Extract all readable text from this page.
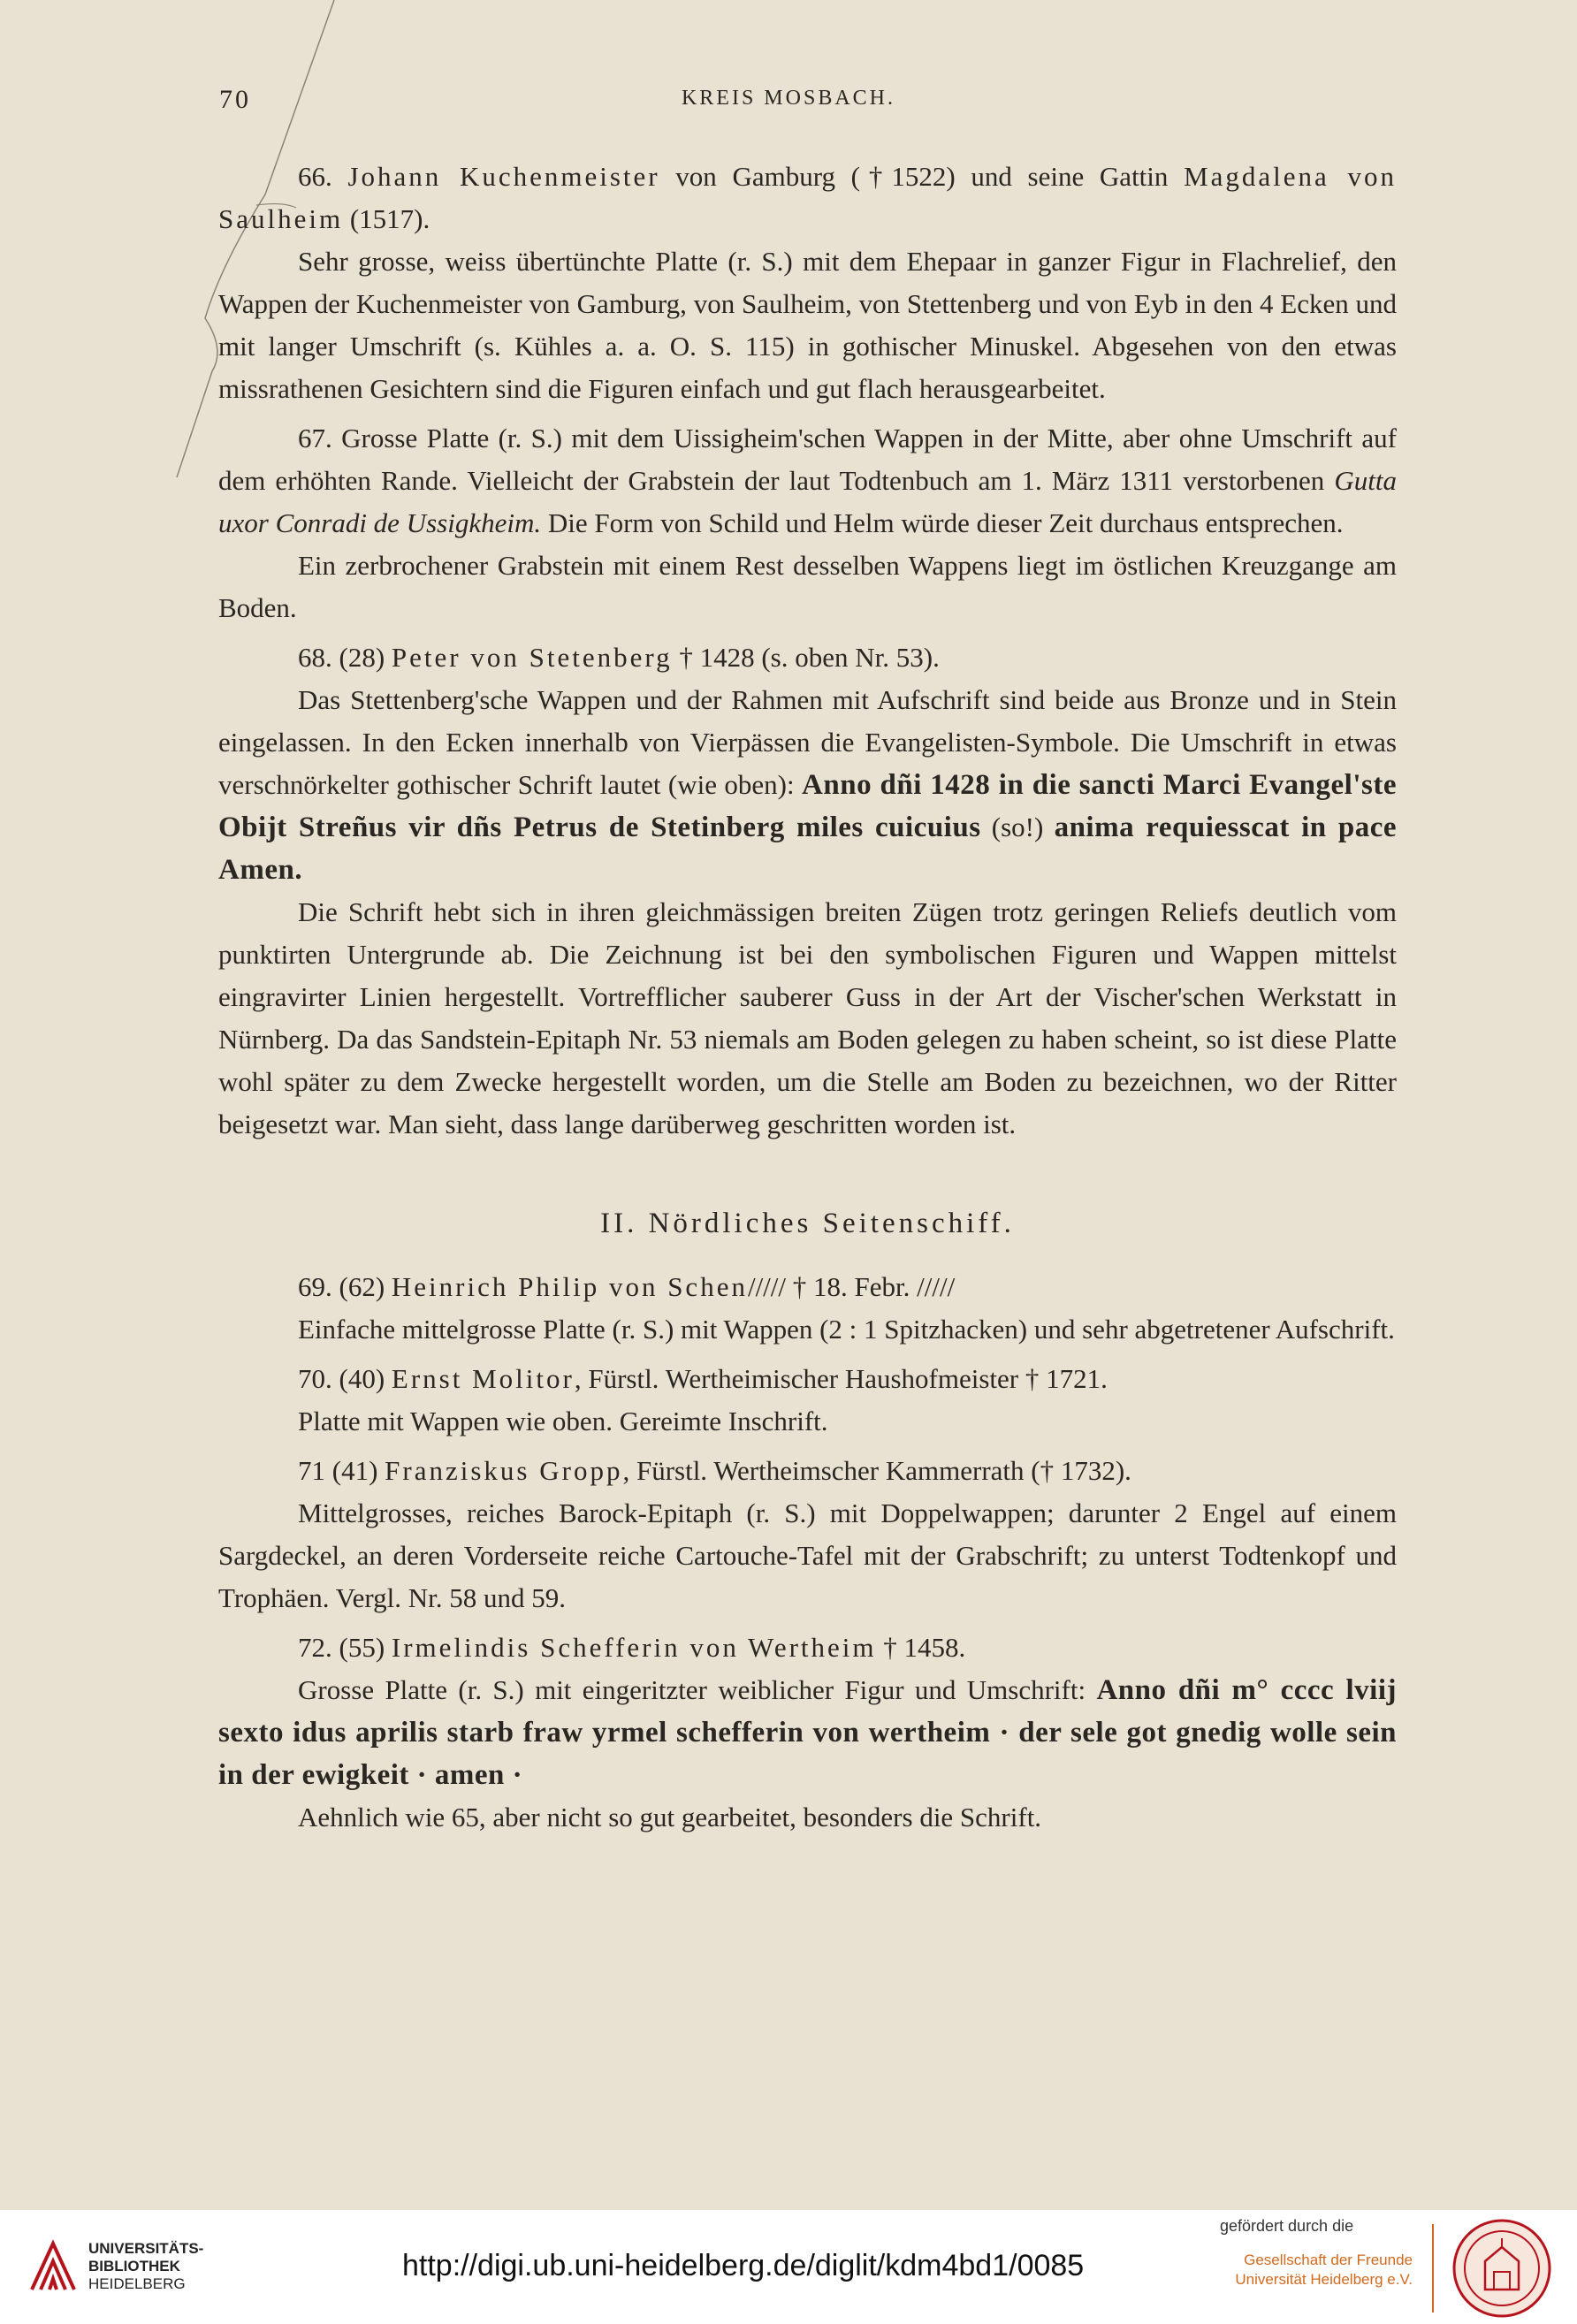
70	KREIS MOSBACH.

66. Johann Kuchenmeister von Gamburg (†1522) und seine Gattin Magdalena von Saulheim (1517).

Sehr grosse, weiss übertünchte Platte (r. S.) mit dem Ehepaar in ganzer Figur in Flachrelief, den Wappen der Kuchenmeister von Gamburg, von Saulheim, von Stettenberg und von Eyb in den 4 Ecken und mit langer Umschrift (s. Kühles a. a. O. S. 115) in gothischer Minuskel. Abgesehen von den etwas missrathenen Gesichtern sind die Figuren einfach und gut flach herausgearbeitet.

67. Grosse Platte (r. S.) mit dem Uissigheim'schen Wappen in der Mitte, aber ohne Umschrift auf dem erhöhten Rande. Vielleicht der Grabstein der laut Todtenbuch am 1. März 1311 verstorbenen Gutta uxor Conradi de Ussigkheim. Die Form von Schild und Helm würde dieser Zeit durchaus entsprechen.

Ein zerbrochener Grabstein mit einem Rest desselben Wappens liegt im östlichen Kreuzgange am Boden.

68. (28) Peter von Stetenberg † 1428 (s. oben Nr. 53).

Das Stettenberg'sche Wappen und der Rahmen mit Aufschrift sind beide aus Bronze und in Stein eingelassen. In den Ecken innerhalb von Vierpässen die Evangelisten-Symbole. Die Umschrift in etwas verschnörkelter gothischer Schrift lautet (wie oben): Anno dñi 1428 in die sancti Marci Evangel'ste Obijt Streñus vir dñs Petrus de Stetinberg miles cuicuius (so!) anima requiesscat in pace Amen.

Die Schrift hebt sich in ihren gleichmässigen breiten Zügen trotz geringen Reliefs deutlich vom punktirten Untergrunde ab. Die Zeichnung ist bei den symbolischen Figuren und Wappen mittelst eingravirter Linien hergestellt. Vortrefflicher sauberer Guss in der Art der Vischer'schen Werkstatt in Nürnberg. Da das Sandstein-Epitaph Nr. 53 niemals am Boden gelegen zu haben scheint, so ist diese Platte wohl später zu dem Zwecke hergestellt worden, um die Stelle am Boden zu bezeichnen, wo der Ritter beigesetzt war. Man sieht, dass lange darüberweg geschritten worden ist.

II. Nördliches Seitenschiff.

69. (62) Heinrich Philip von Schen///// † 18. Febr. /////

Einfache mittelgrosse Platte (r. S.) mit Wappen (2 : 1 Spitzhacken) und sehr abgetretener Aufschrift.

70. (40) Ernst Molitor, Fürstl. Wertheimischer Haushofmeister † 1721.

Platte mit Wappen wie oben. Gereimte Inschrift.

71 (41) Franziskus Gropp, Fürstl. Wertheimscher Kammerrath († 1732).

Mittelgrosses, reiches Barock-Epitaph (r. S.) mit Doppelwappen; darunter 2 Engel auf einem Sargdeckel, an deren Vorderseite reiche Cartouche-Tafel mit der Grabschrift; zu unterst Todtenkopf und Trophäen. Vergl. Nr. 58 und 59.

72. (55) Irmelindis Schefferin von Wertheim † 1458.

Grosse Platte (r. S.) mit eingeritzter weiblicher Figur und Umschrift: Anno dñi m° cccc lviij sexto idus aprilis starb fraw yrmel schefferin von wertheim · der sele got gnedig wolle sein in der ewigkeit · amen ·

Aehnlich wie 65, aber nicht so gut gearbeitet, besonders die Schrift.

UNIVERSITÄTS-
BIBLIOTHEK
HEIDELBERG
http://digi.ub.uni-heidelberg.de/diglit/kdm4bd1/0085
gefördert durch die
Gesellschaft der Freunde
Universität Heidelberg e.V.
